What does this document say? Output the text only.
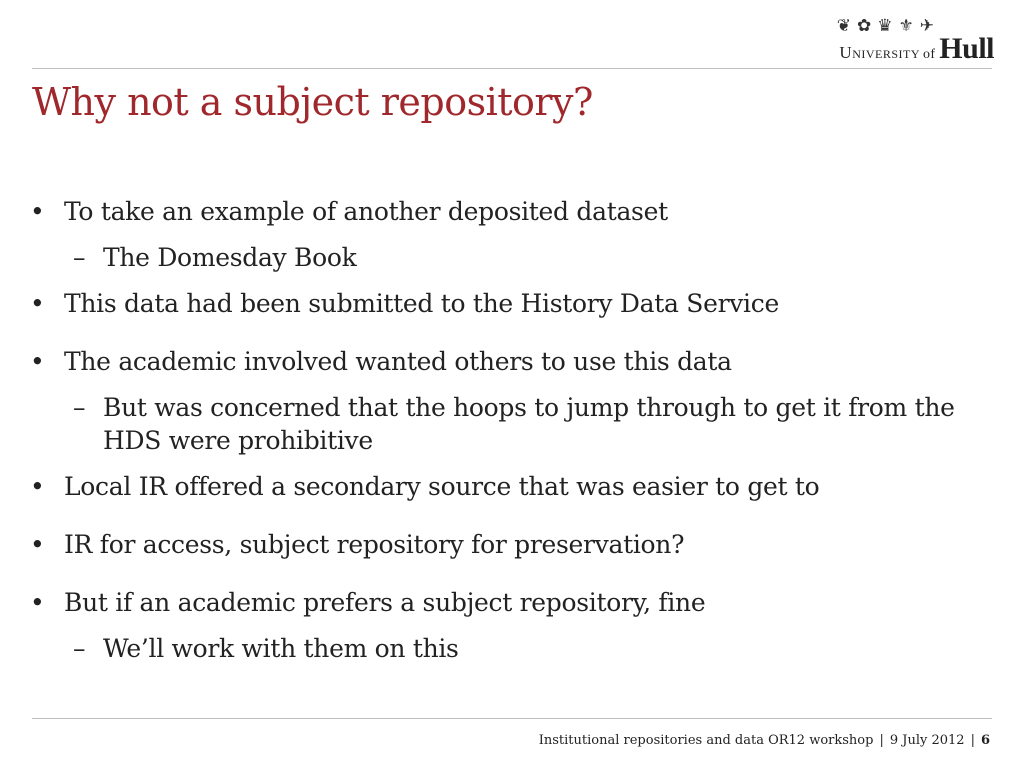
❦ ✿ ♛ ⚜ ✈
University of Hull
Why not a subject repository?
• To take an example of another deposited dataset
– The Domesday Book
• This data had been submitted to the History Data Service
• The academic involved wanted others to use this data
– But was concerned that the hoops to jump through to get it from the HDS were prohibitive
• Local IR offered a secondary source that was easier to get to
• IR for access, subject repository for preservation?
• But if an academic prefers a subject repository, fine
– We’ll work with them on this
Institutional repositories and data OR12 workshop | 9 July 2012 | 6
